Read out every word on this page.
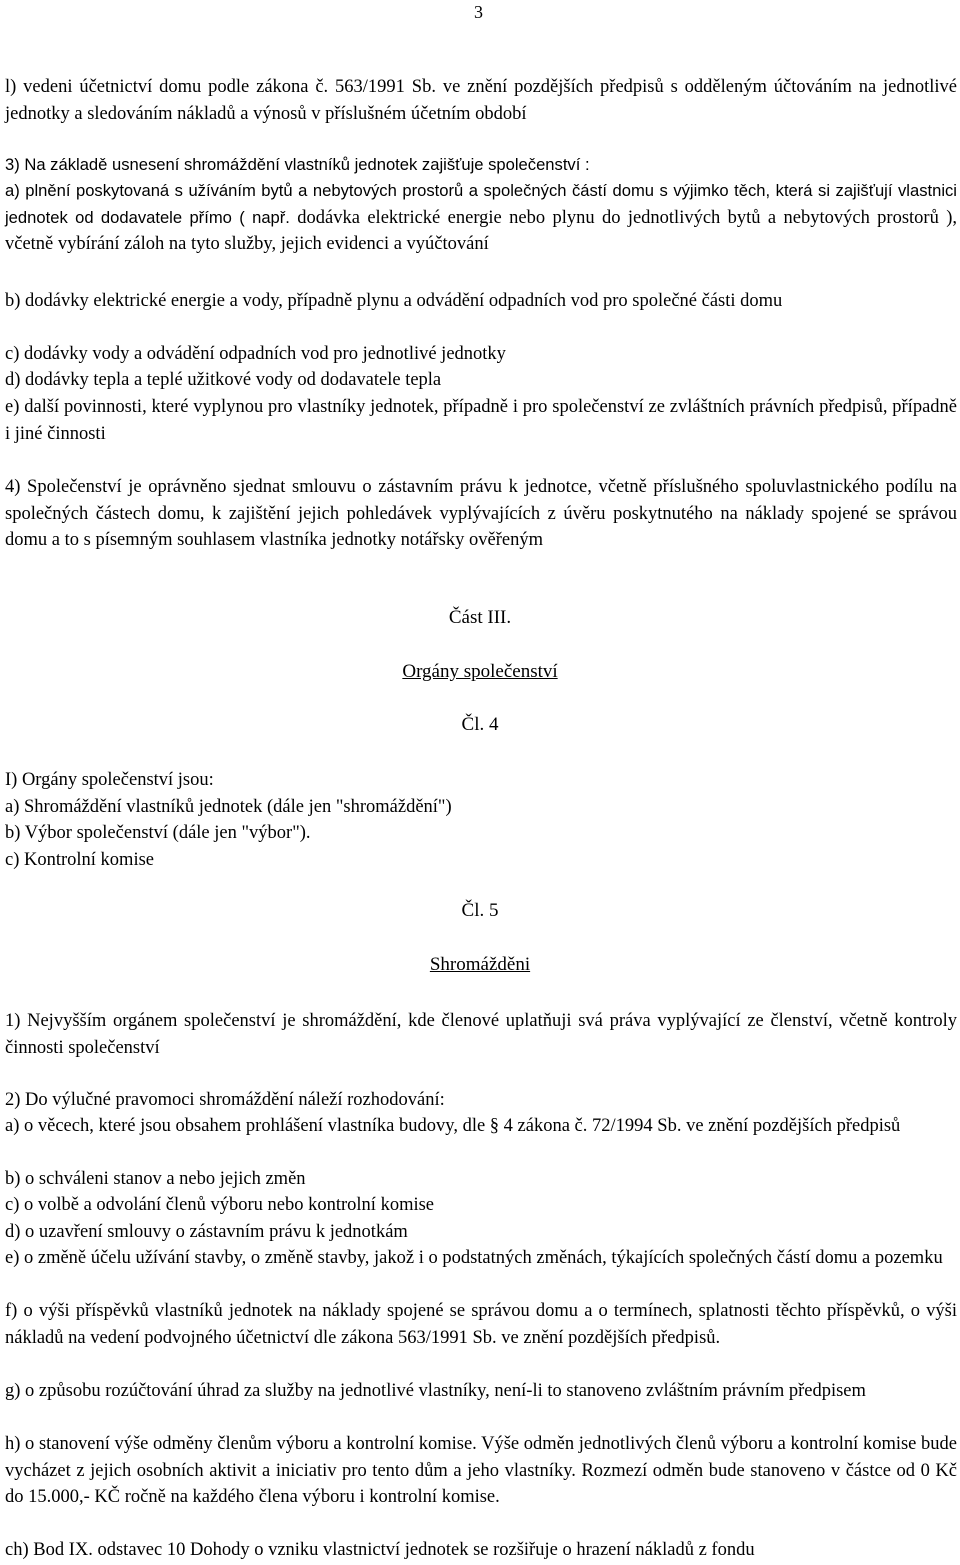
3

l) vedeni účetnictví domu podle zákona č. 563/1991 Sb. ve znění pozdějších předpisů s odděleným účtováním na jednotlivé jednotky a sledováním nákladů a výnosů v příslušném účetním období

3) Na základě usnesení shromáždění vlastníků jednotek zajišťuje společenství :

a) plnění poskytovaná s užíváním bytů a nebytových prostorů a společných částí domu s výjimko těch, která si zajišťují vlastnici jednotek od dodavatele přímo ( např. dodávka elektrické energie nebo plynu do jednotlivých bytů a nebytových prostorů ), včetně vybírání záloh na tyto služby, jejich evidenci a vyúčtování

b) dodávky elektrické energie a vody, případně plynu a odvádění odpadních vod pro společné části domu

c) dodávky vody a odvádění odpadních vod pro jednotlivé jednotky

d) dodávky tepla a teplé užitkové vody od dodavatele tepla

e) další povinnosti, které vyplynou pro vlastníky jednotek, případně i pro společenství ze zvláštních právních předpisů, případně i jiné činnosti

4) Společenství je oprávněno sjednat smlouvu o zástavním právu k jednotce, včetně příslušného spoluvlastnického podílu na společných částech domu, k zajištění jejich pohledávek vyplývajících z úvěru poskytnutého na náklady spojené se správou domu a to s písemným souhlasem vlastníka jednotky notářsky ověřeným

Část III.
Orgány společenství
Čl. 4

I) Orgány společenství jsou:

a) Shromáždění vlastníků jednotek (dále jen "shromáždění")

b) Výbor společenství (dále jen "výbor").

c) Kontrolní komise

Čl. 5
Shromážděni

1) Nejvyšším orgánem společenství je shromáždění, kde členové uplatňuji svá práva vyplývající ze členství, včetně kontroly činnosti společenství

2) Do výlučné pravomoci shromáždění náleží rozhodování:

a) o věcech, které jsou obsahem prohlášení vlastníka budovy, dle § 4 zákona č. 72/1994 Sb. ve znění pozdějších předpisů

b) o schváleni stanov a nebo jejich změn

c) o volbě a odvolání členů výboru nebo kontrolní komise

d) o uzavření smlouvy o zástavním právu k jednotkám

e) o změně účelu užívání stavby, o změně stavby, jakož i o podstatných změnách, týkajících společných částí domu a pozemku

f) o výši příspěvků vlastníků jednotek na náklady spojené se správou domu a o termínech, splatnosti těchto příspěvků, o výši nákladů na vedení podvojného účetnictví dle zákona 563/1991 Sb. ve znění pozdějších předpisů.

g) o způsobu rozúčtování úhrad za služby na jednotlivé vlastníky, není-li to stanoveno zvláštním právním předpisem

h) o stanovení výše odměny členům výboru a kontrolní komise. Výše odměn jednotlivých členů výboru a kontrolní komise bude vycházet z jejich osobních aktivit a iniciativ pro tento dům a jeho vlastníky. Rozmezí odměn bude stanoveno v částce od 0 Kč do 15.000,- KČ ročně na každého člena výboru i kontrolní komise.

ch) Bod IX. odstavec 10 Dohody o vzniku vlastnictví jednotek se rozšiřuje o hrazení nákladů z fondu
